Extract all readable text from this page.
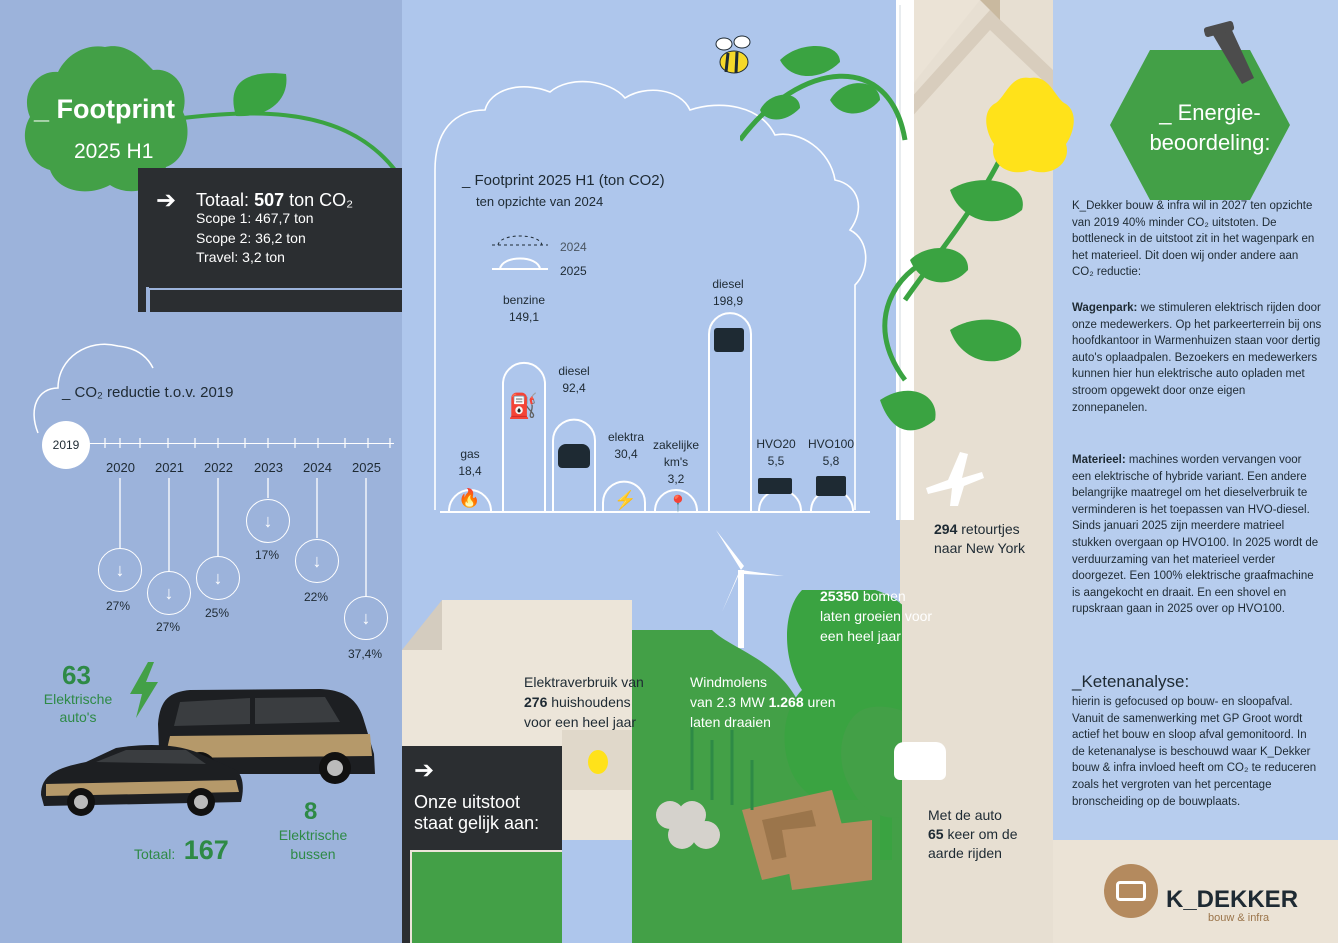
_ Footprint
2025 H1
➔ Totaal: 507 ton CO₂
Scope 1: 467,7 ton
Scope 2: 36,2 ton
Travel: 3,2 ton
_ CO₂ reductie t.o.v. 2019
2019 ›
2020 2021 2022 2023 2024 2025
↓
27%
↓
27%
↓
25%
↓
17%	↓
22%
↓
37,4%
63
Elektrische
auto's
8
Elektrische
bussen
Totaal: 167
_ Footprint 2025 H1 (ton CO2)
ten opzichte van 2024
2024
2025
gas
18,4
benzine
149,1
diesel
92,4
elektra
30,4
zakelijke
km's
3,2
diesel
198,9
HVO20
5,5
HVO100
5,8
🔥
⛽
⚡ 📍
294 retourtjes
naar New York
25350 bomen
laten groeien voor
een heel jaar
Elektraverbruik van
276 huishoudens
voor een heel jaar
Windmolens
van 2.3 MW 1.268 uren
laten draaien
Met de auto
65 keer om de
aarde rijden
➔
Onze uitstoot
staat gelijk aan:
_ Energie-
beoordeling:
K_Dekker bouw & infra wil in 2027 ten opzichte van 2019 40% minder CO₂ uitstoten. De bottleneck in de uitstoot zit in het wagenpark en het materieel. Dit doen wij onder andere aan CO₂ reductie:
Wagenpark: we stimuleren elektrisch rijden door onze medewerkers. Op het parkeerterrein bij ons hoofdkantoor in Warmenhuizen staan voor dertig auto's oplaadpalen. Bezoekers en medewerkers kunnen hier hun elektrische auto opladen met stroom opgewekt door onze eigen zonnepanelen.
Materieel: machines worden vervangen voor een elektrische of hybride variant. Een andere belangrijke maatregel om het dieselverbruik te verminderen is het toepassen van HVO-diesel. Sinds januari 2025 zijn meerdere matrieel stukken overgaan op HVO100. In 2025 wordt de verduurzaming van het materieel verder doorgezet. Een 100% elektrische graafmachine is aangekocht en draait. En een shovel en rupskraan gaan in 2025 over op HVO100.
_Ketenanalyse:
hierin is gefocused op bouw- en sloopafval. Vanuit de samenwerking met GP Groot wordt actief het bouw en sloop afval gemonitoord. In de ketenanalyse is beschouwd waar K_Dekker bouw & infra invloed heeft om CO₂ te reduceren zoals het vergroten van het percentage bronscheiding op de bouwplaats.
K_DEKKER
bouw & infra
